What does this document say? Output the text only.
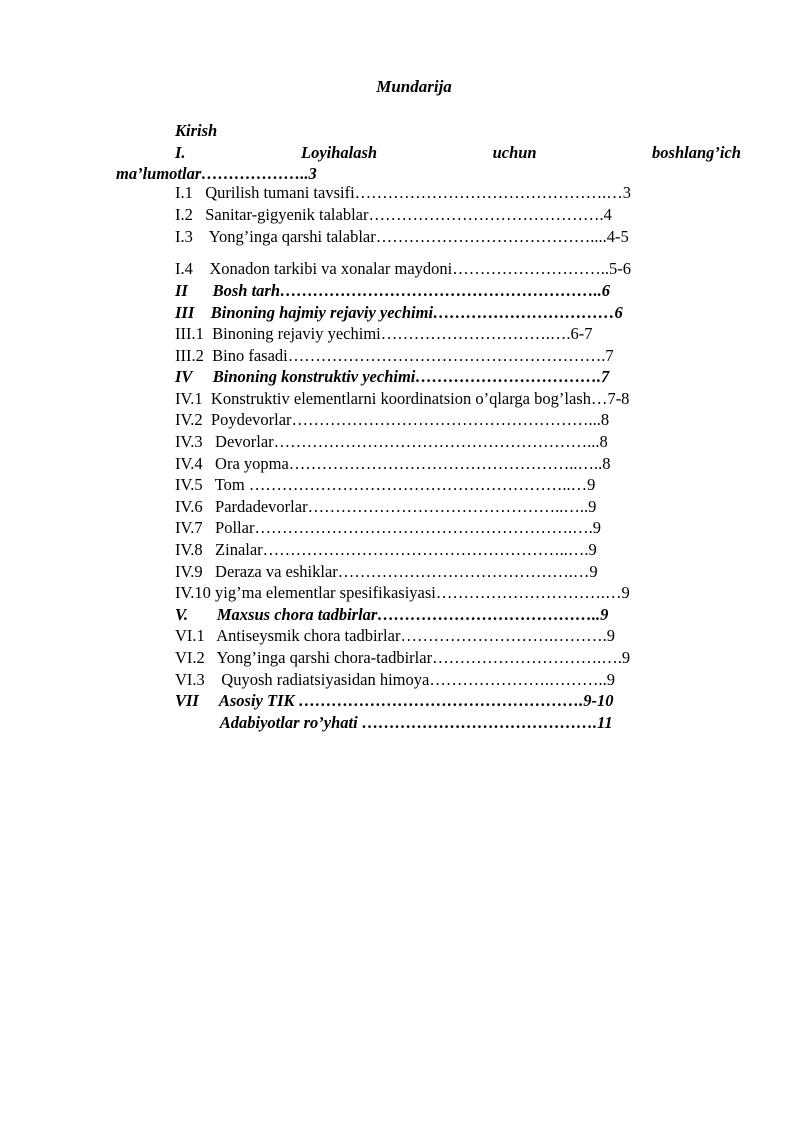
Mundarija
Kirish
I.	Loyihalash	uchun	boshlang’ich
ma’lumotlar………………..3
I.1   Qurilish tumani tavsifi……………………………………….…3
I.2   Sanitar-gigyenik talablar…………………………………….4
I.3    Yong’inga qarshi talablar…………………………………....4-5
I.4    Xonadon tarkibi va xonalar maydoni………………………..5-6
II      Bosh tarh…………………………………………………..6
III    Binoning hajmiy rejaviy yechimi……………………………6
III.1  Binoning rejaviy yechimi………………………….….6-7
III.2  Bino fasadi………………………………………………….7
IV     Binoning konstruktiv yechimi…………………………….7
IV.1  Konstruktiv elementlarni koordinatsion o’qlarga bog’lash…7-8
IV.2  Poydevorlar………………………………………………...8
IV.3   Devorlar…………………………………………………...8
IV.4   Ora yopma……………………………………………..…..8
IV.5   Tom …………………………………………………..…9
IV.6   Pardadevorlar………………………………………..…..9
IV.7   Pollar………………………………………………….….9
IV.8   Zinalar………………………………………………..….9
IV.9   Deraza va eshiklar…………………………………….…9
IV.10 yig’ma elementlar spesifikasiyasi………………………….…9
V.       Maxsus chora tadbirlar…………………………………..9
VI.1   Antiseysmik chora tadbirlar……………………….……….9
VI.2   Yong’inga qarshi chora-tadbirlar………………………….….9
VI.3    Quyosh radiatsiyasidan himoya………………….………..9
VII     Asosiy TIK …………………………………………….9-10
Adabiyotlar ro’yhati …………………………………….11
